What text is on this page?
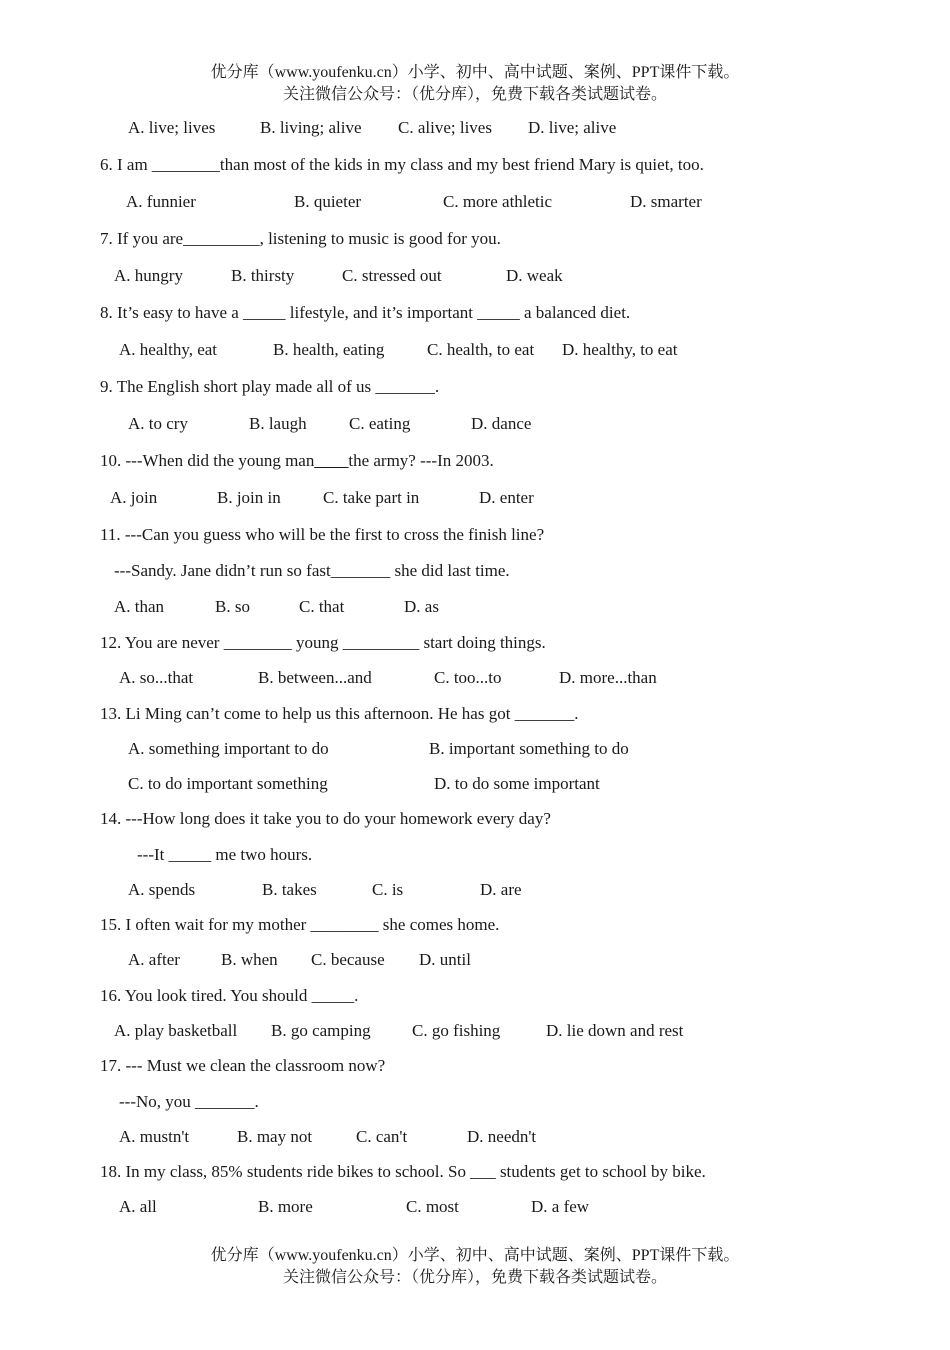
优分库（www.youfenku.cn）小学、初中、高中试题、案例、PPT课件下载。
关注微信公众号：（优分库），免费下载各类试题试卷。
A. live; lives	B. living; alive C. alive; lives D. live; alive
6. I am ________than most of the kids in my class and my best friend Mary is quiet, too.
A. funnier	B. quieter	C. more athletic	D. smarter
7. If you are_________, listening to music is good for you.
A. hungry	B. thirsty	C. stressed out	D. weak
8. It’s easy to have a _____ lifestyle, and it’s important _____ a balanced diet.
A. healthy, eat	B. health, eating	C. health, to eat D. healthy, to eat
9. The English short play made all of us _______.
A. to cry	B. laugh C. eating	D. dance
10. ---When did the young man____the army? ---In 2003.
A. join	B. join in C. take part in	D. enter
11. ---Can you guess who will be the first to cross the finish line?
---Sandy. Jane didn’t run so fast_______ she did last time.
A. than	B. so	C. that	D. as
12. You are never ________ young _________ start doing things.
A. so...that	B. between...and	C. too...to	D. more...than
13. Li Ming can’t come to help us this afternoon. He has got _______.
A. something important to do	B. important something to do
C. to do important something	D. to do some important
14. ---How long does it take you to do your homework every day?
---It _____ me two hours.
A. spends	B. takes	C. is	D. are
15. I often wait for my mother ________ she comes home.
A. after B. when C. because D. until
16. You look tired. You should _____.
A. play basketball B. go camping C. go fishing	D. lie down and rest
17. --- Must we clean the classroom now?
---No, you _______.
A. mustn't	B. may not	C. can't	D. needn't
18. In my class, 85% students ride bikes to school. So ___ students get to school by bike.
A. all	B. more	C. most	D. a few
优分库（www.youfenku.cn）小学、初中、高中试题、案例、PPT课件下载。
关注微信公众号：（优分库），免费下载各类试题试卷。
